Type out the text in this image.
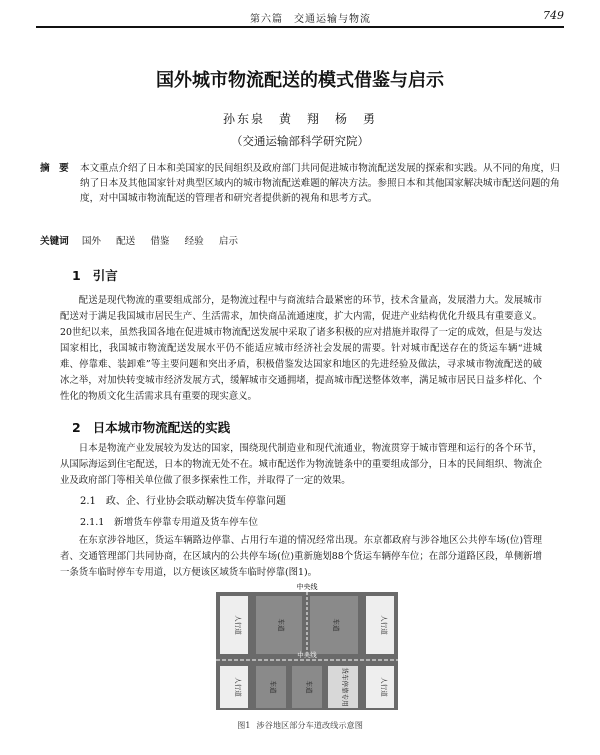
第六篇　交通运输与物流	749
国外城市物流配送的模式借鉴与启示
孙东泉　黄　翔　杨　勇
（交通运输部科学研究院）
摘　要 本文重点介绍了日本和美国家的民间组织及政府部门共同促进城市物流配送发展的探索和实践。从不同的角度，归纳了日本及其他国家针对典型区域内的城市物流配送难题的解决方法。参照日本和其他国家解决城市配送问题的角度，对中国城市物流配送的管理者和研究者提供新的视角和思考方式。
关键词 国外 配送 借鉴 经验 启示
1 引言
配送是现代物流的重要组成部分，是物流过程中与商流结合最紧密的环节，技术含量高，发展潜力大。发展城市配送对于满足我国城市居民生产、生活需求，加快商品流通速度，扩大内需，促进产业结构优化升级具有重要意义。20世纪以来，虽然我国各地在促进城市物流配送发展中采取了诸多积极的应对措施并取得了一定的成效，但是与发达国家相比，我国城市物流配送发展水平仍不能适应城市经济社会发展的需要。针对城市配送存在的货运车辆“进城难、停靠难、装卸难”等主要问题和突出矛盾，积极借鉴发达国家和地区的先进经验及做法，寻求城市物流配送的破冰之举，对加快转变城市经济发展方式，缓解城市交通拥堵，提高城市配送整体效率，满足城市居民日益多样化、个性化的物质文化生活需求具有重要的现实意义。
2 日本城市物流配送的实践
日本是物流产业发展较为发达的国家，围绕现代制造业和现代流通业，物流贯穿于城市管理和运行的各个环节，从国际海运到住宅配送，日本的物流无处不在。城市配送作为物流链条中的重要组成部分，日本的民间组织、物流企业及政府部门等相关单位做了很多探索性工作，并取得了一定的效果。
2.1　政、企、行业协会联动解决货车停靠问题
2.1.1　新增货车停靠专用道及货车停车位
在东京涉谷地区，货运车辆路边停靠、占用行车道的情况经常出现。东京都政府与涉谷地区公共停车场(位)管理者、交通管理部门共同协商，在区域内的公共停车场(位)重新施划88个货运车辆停车位；在部分道路区段，单侧新增一条货车临时停车专用道，以方便该区域货车临时停靠(图1)。
中央线
中央线
人行道	人行道
人行道	人行道
车道	车道
车道	车道	货车停靠专用
图1 涉谷地区部分车道改线示意图
